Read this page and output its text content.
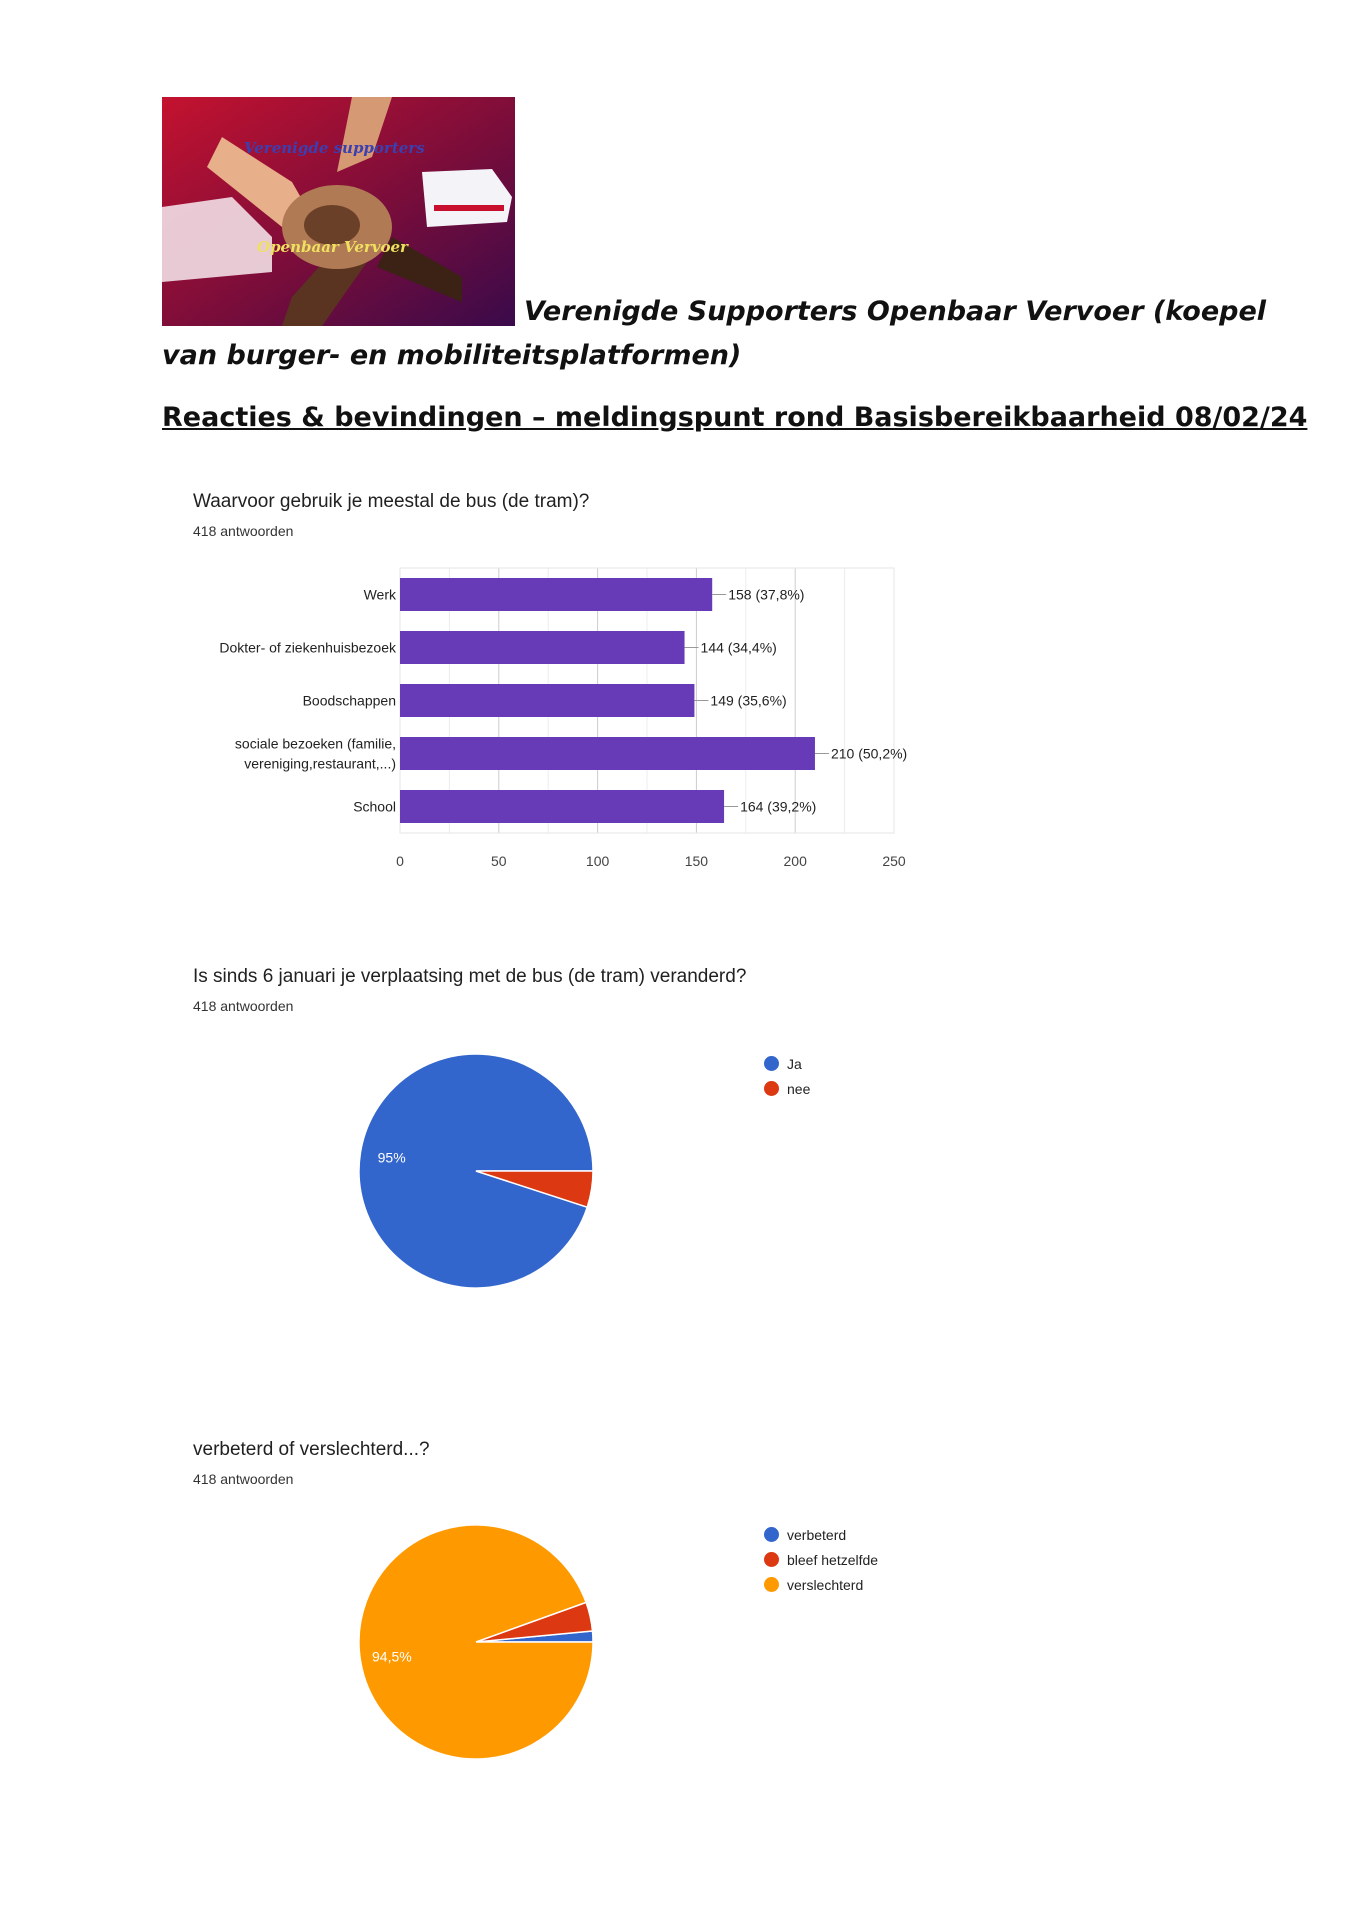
Verenigde supporters
Openbaar Vervoer
Verenigde Supporters Openbaar Vervoer (koepel
van burger- en mobiliteitsplatformen)
Reacties & bevindingen – meldingspunt rond Basisbereikbaarheid 08/02/24
Waarvoor gebruik je meestal de bus (de tram)?
418 antwoorden
158 (37,8%)
Werk
144 (34,4%)
Dokter- of ziekenhuisbezoek
149 (35,6%)
Boodschappen
210 (50,2%)
sociale bezoeken (familie,
vereniging,restaurant,...)
164 (39,2%)
School
0	50	100	150	200	250
Is sinds 6 januari je verplaatsing met de bus (de tram) veranderd?
418 antwoorden
95%
Ja
nee
verbeterd of verslechterd...?
418 antwoorden
94,5%
verbeterd
bleef hetzelfde
verslechterd
